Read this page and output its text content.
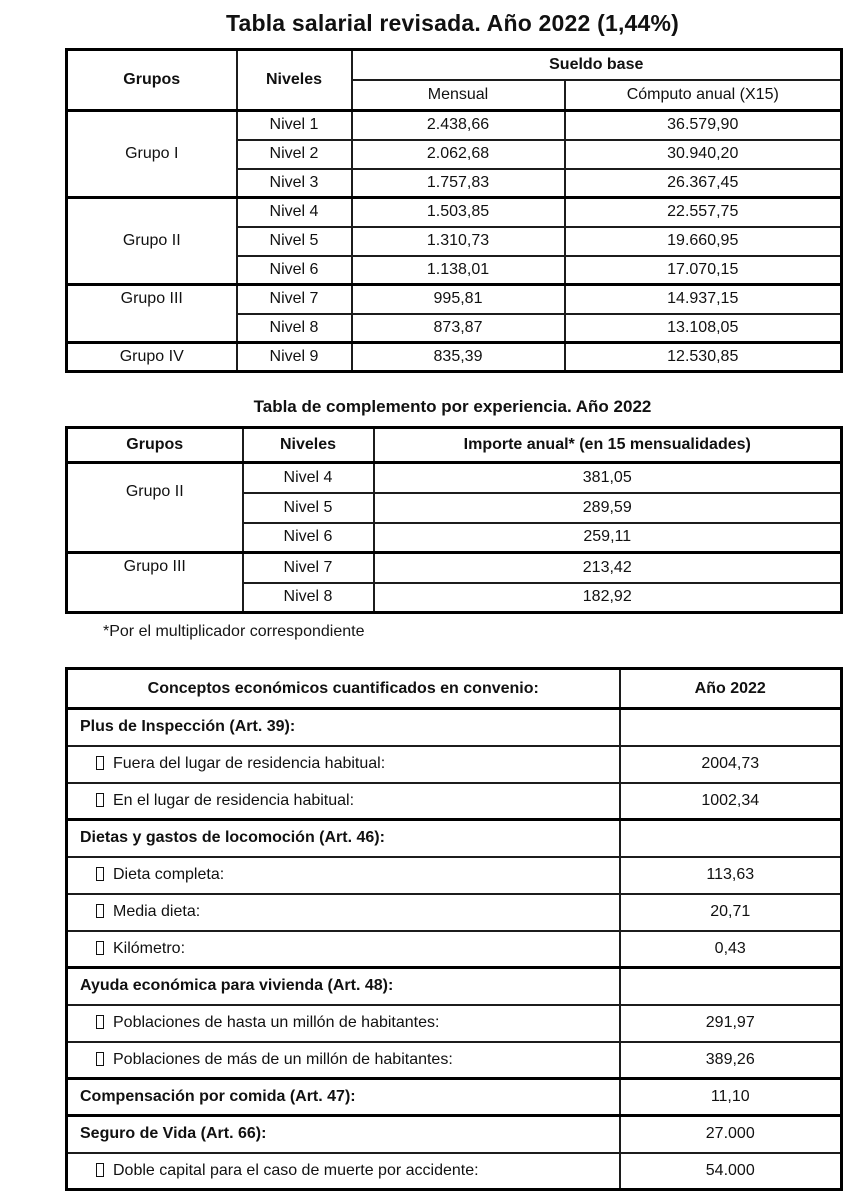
Tabla salarial revisada. Año 2022 (1,44%)
Grupos	Niveles	Sueldo base	
		Mensual	Cómputo anual (X15)
Grupo I	Nivel 1	2.438,66	36.579,90
	Nivel 2	2.062,68	30.940,20
	Nivel 3	1.757,83	26.367,45
Grupo II	Nivel 4	1.503,85	22.557,75
	Nivel 5	1.310,73	19.660,95
	Nivel 6	1.138,01	17.070,15
Grupo III	Nivel 7	995,81	14.937,15
	Nivel 8	873,87	13.108,05
Grupo IV	Nivel 9	835,39	12.530,85
Tabla de complemento por experiencia. Año 2022
Grupos	Niveles	Importe anual* (en 15 mensualidades)
Grupo II	Nivel 4	381,05
	Nivel 5	289,59
	Nivel 6	259,11
Grupo III	Nivel 7	213,42
	Nivel 8	182,92
*Por el multiplicador correspondiente
Conceptos económicos cuantificados en convenio:	Año 2022
Plus de Inspección (Art. 39):	
Fuera del lugar de residencia habitual:	2004,73
En el lugar de residencia habitual:	1002,34
Dietas y gastos de locomoción (Art. 46):	
Dieta completa:	113,63
Media dieta:	20,71
Kilómetro:	0,43
Ayuda económica para vivienda (Art. 48):	
Poblaciones de hasta un millón de habitantes:	291,97
Poblaciones de más de un millón de habitantes:	389,26
Compensación por comida (Art. 47):	11,10
Seguro de Vida (Art. 66):	27.000
Doble capital para el caso de muerte por accidente:	54.000
